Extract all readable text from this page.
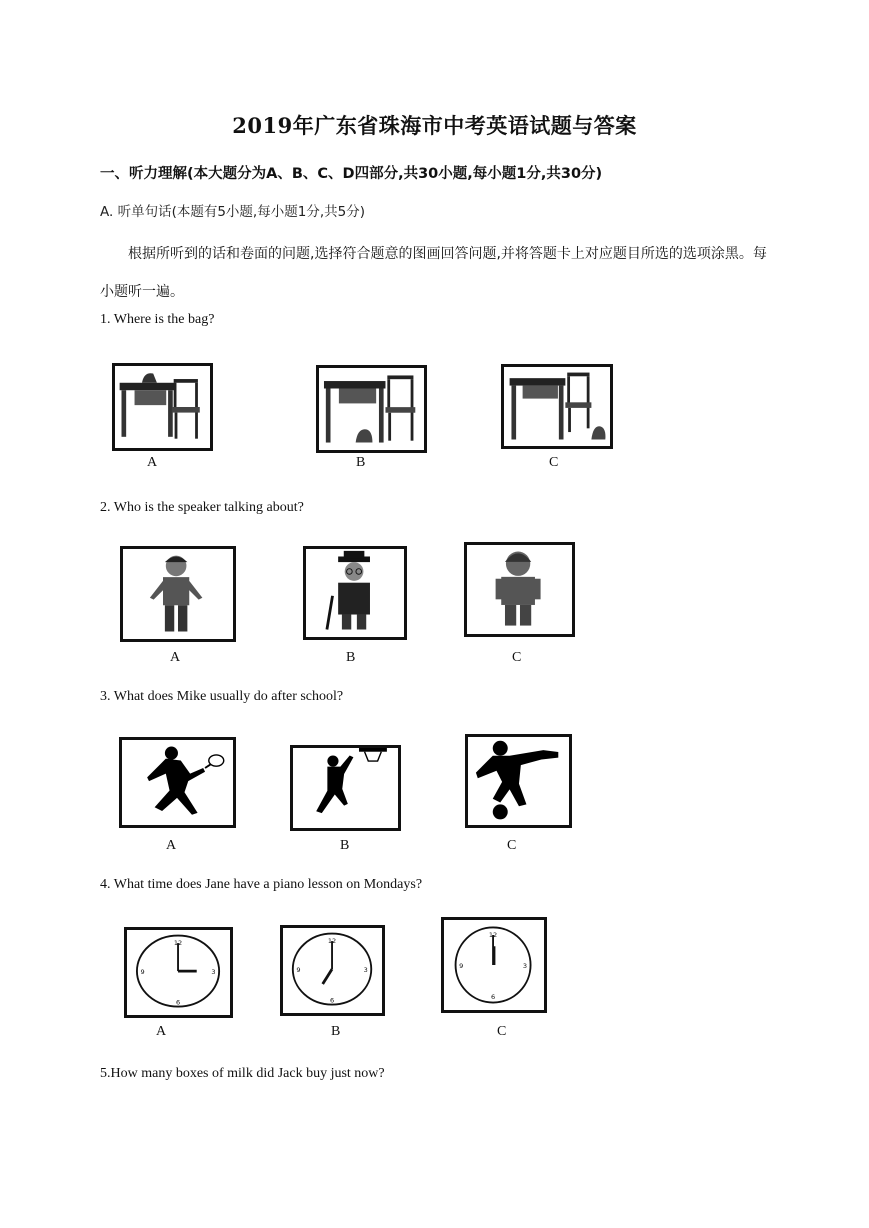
2019年广东省珠海市中考英语试题与答案
一、听力理解(本大题分为A、B、C、D四部分,共30小题,每小题1分,共30分)
A. 听单句话(本题有5小题,每小题1分,共5分)
根据所听到的话和卷面的问题,选择符合题意的图画回答问题,并将答题卡上对应题目所选的选项涂黑。每小题听一遍。
1. Where is the bag?
A	B	C
2. Who is the speaker talking about?
A	B	C
3. What does Mike usually do after school?
A	B	C
4. What time does Jane have a piano lesson on Mondays?
12
3
6
9
A
12
3
6
9
B
12
3
6
9
C
5.How many boxes of milk did Jack buy just now?
